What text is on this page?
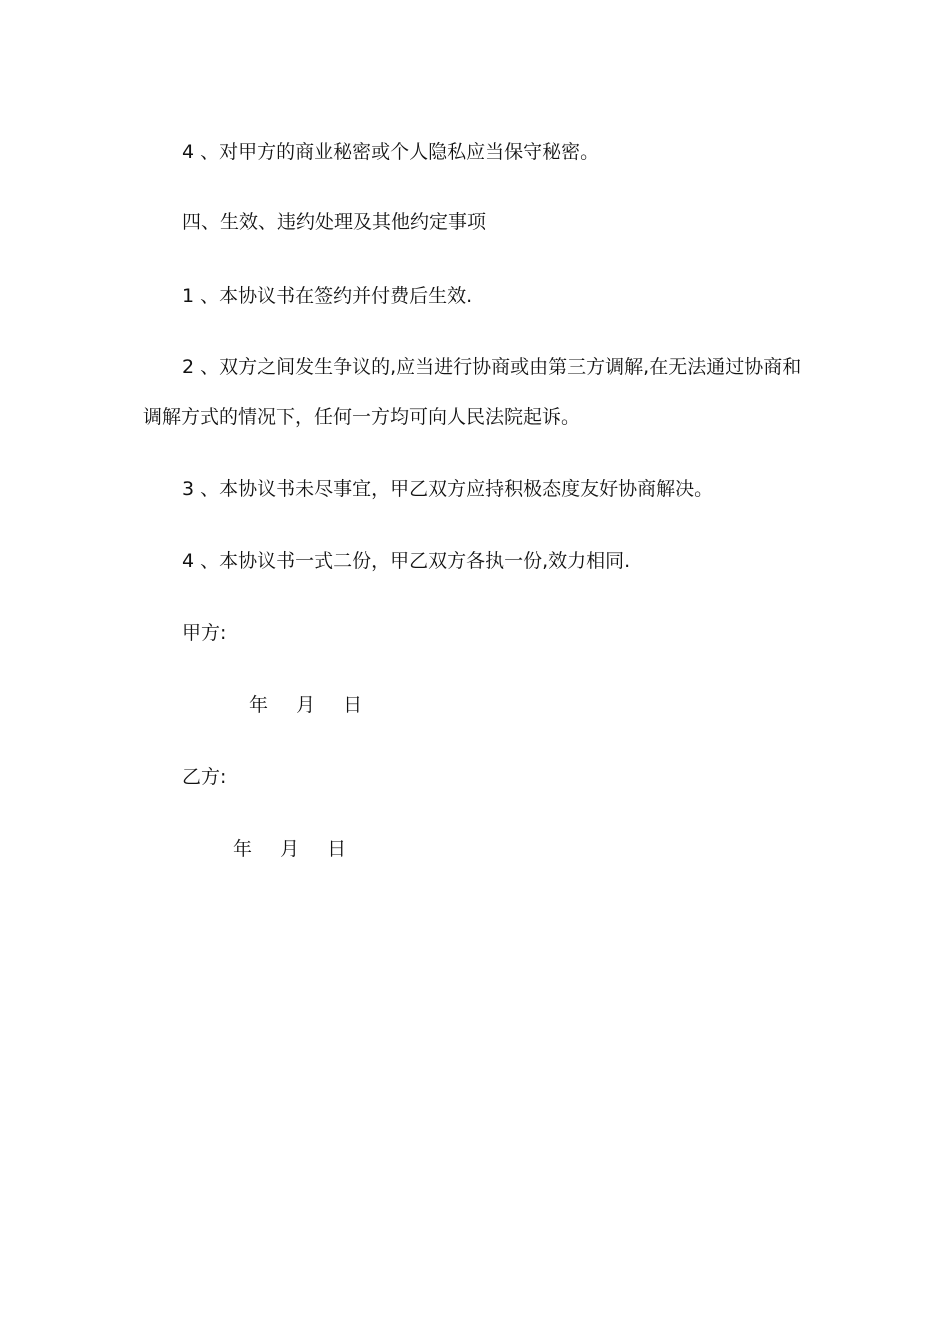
4 、对甲方的商业秘密或个人隐私应当保守秘密。
四、生效、违约处理及其他约定事项
1 、本协议书在签约并付费后生效.
2 、双方之间发生争议的,应当进行协商或由第三方调解,在无法通过协商和
调解方式的情况下，任何一方均可向人民法院起诉。
3 、本协议书未尽事宜，甲乙双方应持积极态度友好协商解决。
4 、本协议书一式二份，甲乙双方各执一份,效力相同.
甲方:
年 月 日
乙方:
年 月 日
